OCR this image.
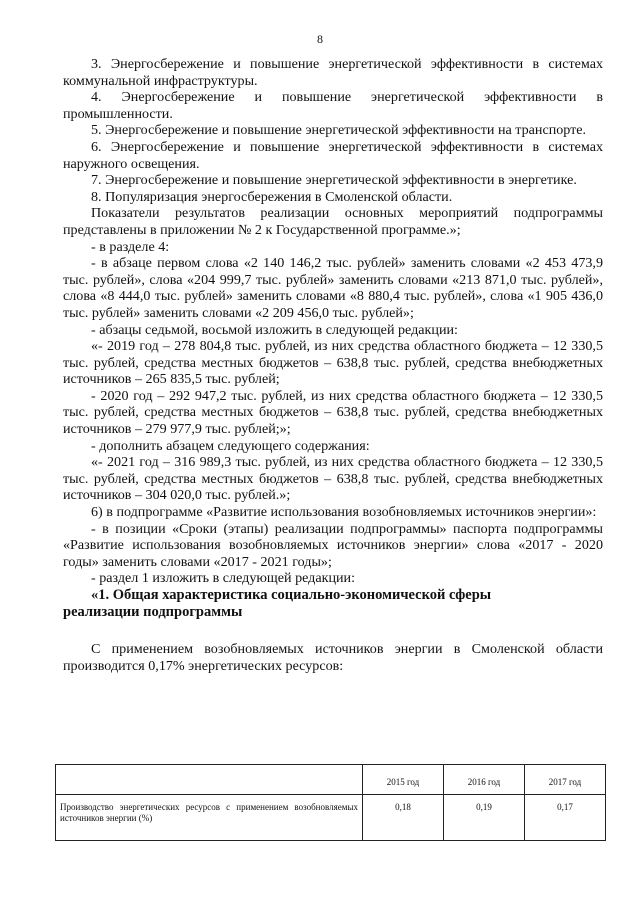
8

3. Энергосбережение и повышение энергетической эффективности в системах коммунальной инфраструктуры.

4. Энергосбережение и повышение энергетической эффективности в промышленности.

5. Энергосбережение и повышение энергетической эффективности на транспорте.

6. Энергосбережение и повышение энергетической эффективности в системах наружного освещения.

7. Энергосбережение и повышение энергетической эффективности в энергетике.

8. Популяризация энергосбережения в Смоленской области.

Показатели результатов реализации основных мероприятий подпрограммы представлены в приложении № 2 к Государственной программе.»;

- в разделе 4:

- в абзаце первом слова «2 140 146,2 тыс. рублей» заменить словами «2 453 473,9 тыс. рублей», слова «204 999,7 тыс. рублей» заменить словами «213 871,0 тыс. рублей», слова «8 444,0 тыс. рублей» заменить словами «8 880,4 тыс. рублей», слова «1 905 436,0 тыс. рублей» заменить словами «2 209 456,0 тыс. рублей»;

- абзацы седьмой, восьмой изложить в следующей редакции:

«- 2019 год – 278 804,8 тыс. рублей, из них средства областного бюджета – 12 330,5 тыс. рублей, средства местных бюджетов – 638,8 тыс. рублей, средства внебюджетных источников – 265 835,5 тыс. рублей;

- 2020 год – 292 947,2 тыс. рублей, из них средства областного бюджета – 12 330,5 тыс. рублей, средства местных бюджетов – 638,8 тыс. рублей, средства внебюджетных источников – 279 977,9 тыс. рублей;»;

- дополнить абзацем следующего содержания:

«- 2021 год – 316 989,3 тыс. рублей, из них средства областного бюджета – 12 330,5 тыс. рублей, средства местных бюджетов – 638,8 тыс. рублей, средства внебюджетных источников – 304 020,0 тыс. рублей.»;

6) в подпрограмме «Развитие использования возобновляемых источников энергии»:

- в позиции «Сроки (этапы) реализации подпрограммы» паспорта подпрограммы «Развитие использования возобновляемых источников энергии» слова «2017 - 2020 годы» заменить словами «2017 - 2021 годы»;

- раздел 1 изложить в следующей редакции:

«1. Общая характеристика социально-экономической сферы
реализации подпрограммы

С применением возобновляемых источников энергии в Смоленской области производится 0,17% энергетических ресурсов:

	2015 год	2016 год	2017 год
Производство энергетических ресурсов с применением возобновляемых источников энергии (%)	0,18	0,19	0,17
